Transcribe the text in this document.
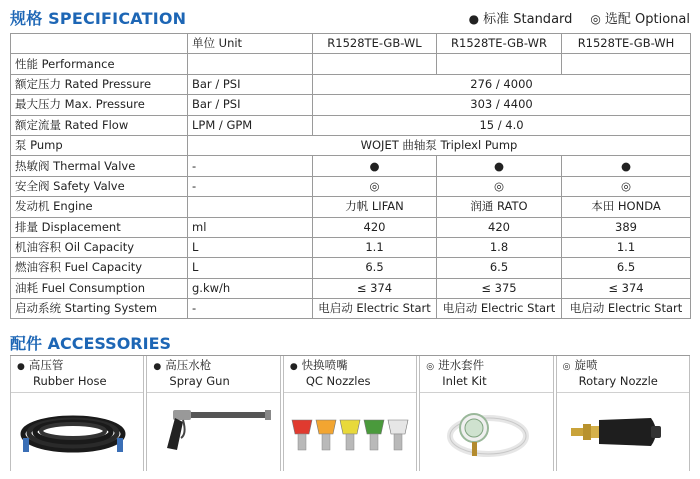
规格 SPECIFICATION	● 标准 Standard ◎ 选配 Optional
	单位 Unit	R1528TE-GB-WL	R1528TE-GB-WR	R1528TE-GB-WH
性能 Performance				
额定压力 Rated Pressure	Bar / PSI	276 / 4000		
最大压力 Max. Pressure	Bar / PSI	303 / 4400		
额定流量 Rated Flow	LPM / GPM	15 / 4.0		
泵 Pump	WOJET 曲轴泵 Triplexl Pump			
热敏阀 Thermal Valve	-	●	●	●
安全阀 Safety Valve	-	◎	◎	◎
发动机 Engine		力帆 LIFAN	润通 RATO	本田 HONDA
排量 Displacement	ml	420	420	389
机油容积 Oil Capacity	L	1.1	1.8	1.1
燃油容积 Fuel Capacity	L	6.5	6.5	6.5
油耗 Fuel Consumption	g.kw/h	≤ 374	≤ 375	≤ 374
启动系统 Starting System	-	电启动 Electric Start	电启动 Electric Start	电启动 Electric Start
配件 ACCESSORIES
● 高压管
Rubber Hose
● 高压水枪
Spray Gun
● 快换喷嘴
QC Nozzles
◎ 进水套件
Inlet Kit
◎ 旋喷
Rotary Nozzle
